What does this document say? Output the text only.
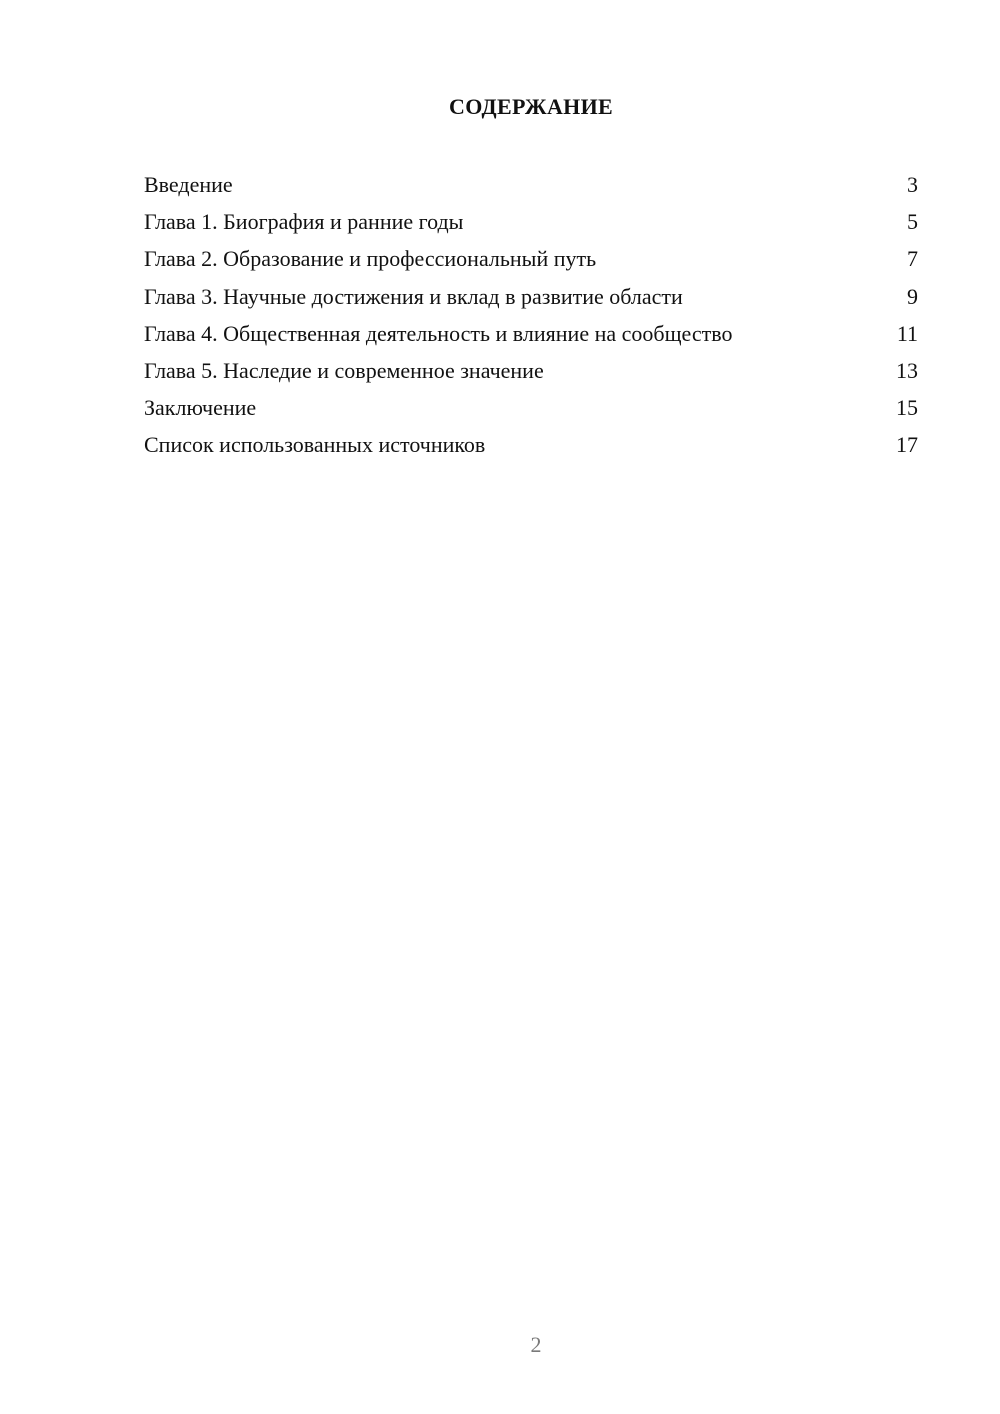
СОДЕРЖАНИЕ
Введение	3
Глава 1. Биография и ранние годы	5
Глава 2. Образование и профессиональный путь	7
Глава 3. Научные достижения и вклад в развитие области	9
Глава 4. Общественная деятельность и влияние на сообщество	11
Глава 5. Наследие и современное значение	13
Заключение	15
Список использованных источников	17
2
